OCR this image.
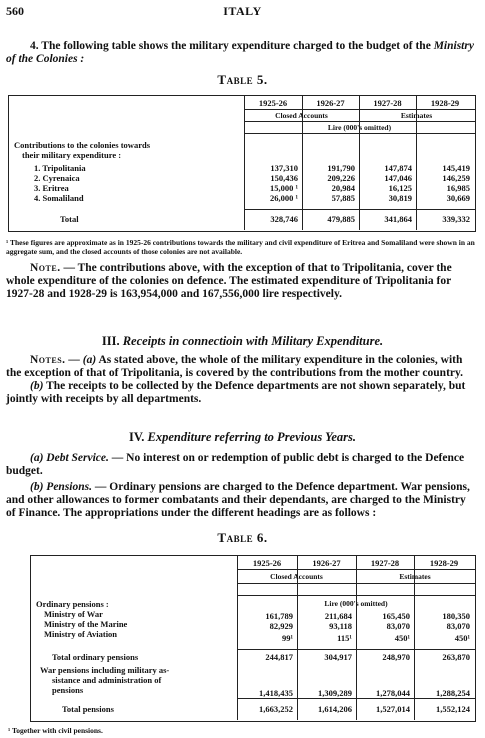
ITALY
560

4. The following table shows the military expenditure charged to the budget of the Ministry of the Colonies :

Table 5.
1925-26	1926-27	1927-28	1928-29
Closed Accounts	Estimates
Lire (000's omitted)
Contributions to the colonies towards
their military expenditure :
1. Tripolitania	137,310	191,790	147,874	145,419
2. Cyrenaica	150,436	209,226	147,046	146,259
3. Eritrea	15,000 ¹	20,984	16,125	16,985
4. Somaliland	26,000 ¹	57,885	30,819	30,669
Total	328,746	479,885	341,864	339,332
¹ These figures are approximate as in 1925-26 contributions towards the military and civil expenditure of Eritrea and Somaliland were shown in an aggregate sum, and the closed accounts of those colonies are not available.

Note. — The contributions above, with the exception of that to Tripolitania, cover the whole expenditure of the colonies on defence. The estimated expenditure of Tripolitania for 1927-28 and 1928-29 is 163,954,000 and 167,556,000 lire respectively.

III. Receipts in connectioin with Military Expenditure.

Notes. — (a) As stated above, the whole of the military expenditure in the colonies, with the exception of that of Tripolitania, is covered by the contributions from the mother country.

(b) The receipts to be collected by the Defence departments are not shown separately, but jointly with receipts by all departments.

IV. Expenditure referring to Previous Years.

(a) Debt Service. — No interest on or redemption of public debt is charged to the Defence budget.

(b) Pensions. — Ordinary pensions are charged to the Defence department. War pensions, and other allowances to former combatants and their dependants, are charged to the Ministry of Finance. The appropriations under the different headings are as follows :

Table 6.
1925-26	1926-27	1927-28	1928-29
Closed Accounts	Estimates
Lire (000's omitted)
Ordinary pensions :
Ministry of War	161,789	211,684	165,450	180,350
Ministry of the Marine	82,929	93,118	83,070	83,070
Ministry of Aviation	99¹	115¹	450¹	450¹
Total ordinary pensions	244,817	304,917	248,970	263,870
War pensions including military as-
sistance and administration of
pensions	1,418,435	1,309,289	1,278,044	1,288,254
Total pensions	1,663,252	1,614,206	1,527,014	1,552,124
¹ Together with civil pensions.
